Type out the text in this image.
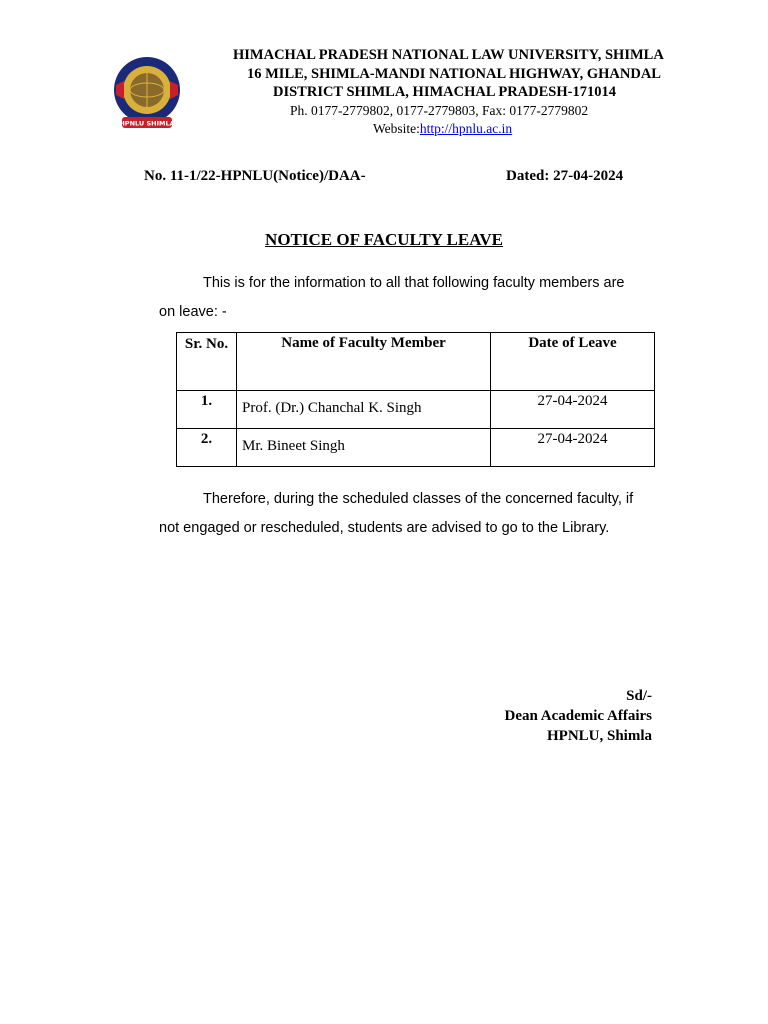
HPNLU SHIMLA
HIMACHAL PRADESH NATIONAL LAW UNIVERSITY, SHIMLA
16 MILE, SHIMLA-MANDI NATIONAL HIGHWAY, GHANDAL
DISTRICT SHIMLA, HIMACHAL PRADESH-171014
Ph. 0177-2779802, 0177-2779803, Fax: 0177-2779802
Website:http://hpnlu.ac.in
No. 11-1/22-HPNLU(Notice)/DAA-	Dated: 27-04-2024
NOTICE OF FACULTY LEAVE
This is for the information to all that following faculty members are on leave: -
Sr. No.	Name of Faculty Member	Date of Leave
1.	Prof. (Dr.) Chanchal K. Singh	27-04-2024
2.	Mr. Bineet Singh	27-04-2024
Therefore, during the scheduled classes of the concerned faculty, if not engaged or rescheduled, students are advised to go to the Library.
Sd/-
Dean Academic Affairs
HPNLU, Shimla
